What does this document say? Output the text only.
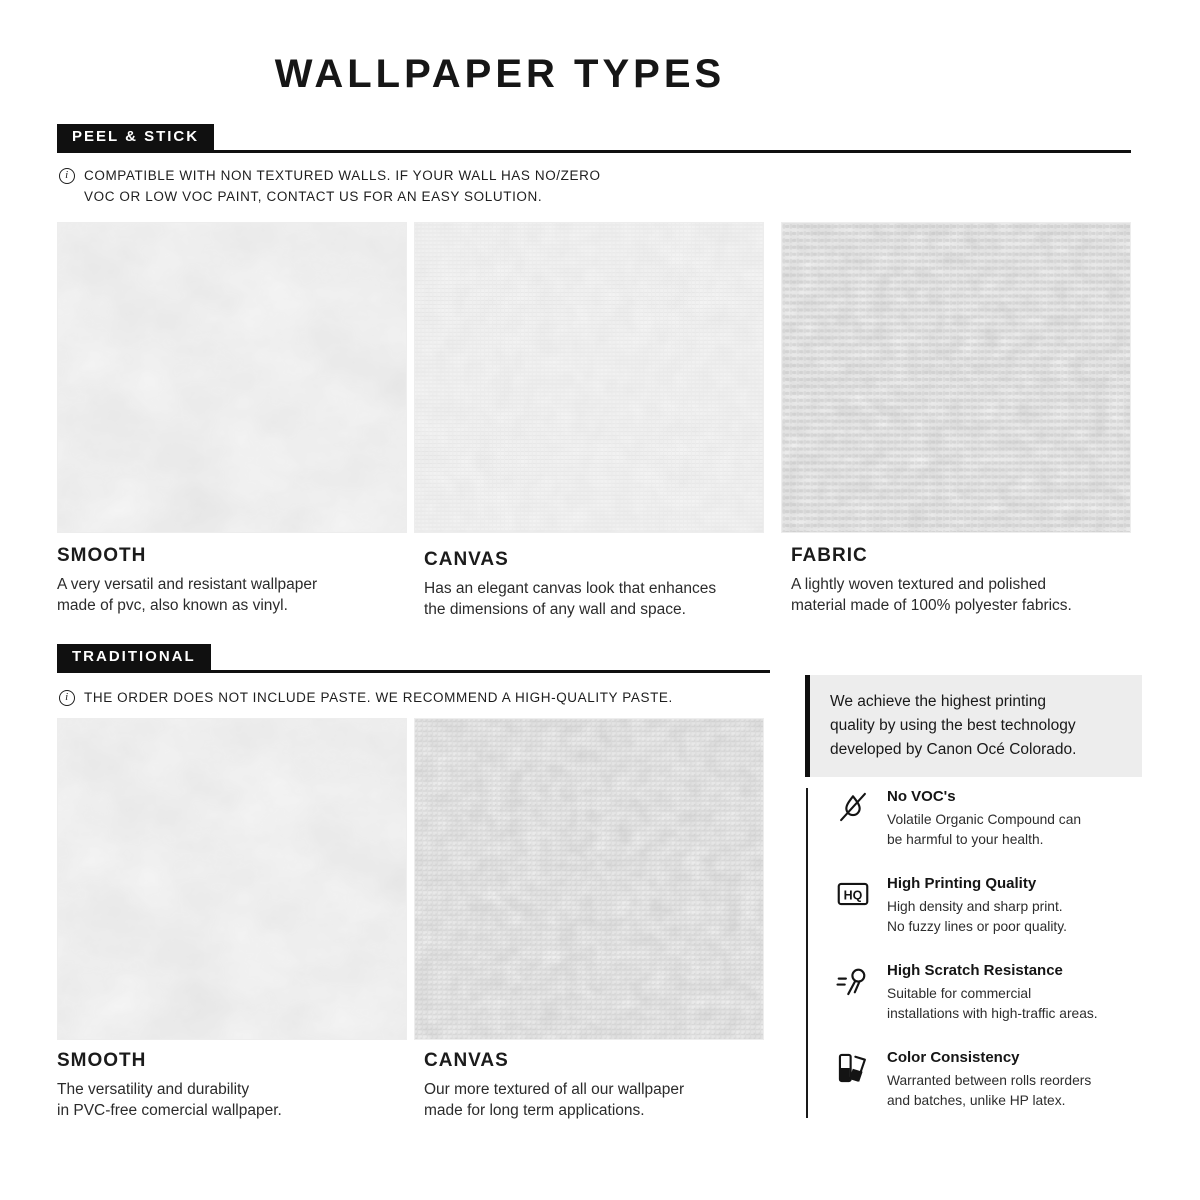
WALLPAPER TYPES
PEEL & STICK
i	COMPATIBLE WITH NON TEXTURED WALLS. IF YOUR WALL HAS NO/ZERO
VOC OR LOW VOC PAINT, CONTACT US FOR AN EASY SOLUTION.
SMOOTH
A very versatil and resistant wallpaper
made of pvc, also known as vinyl.
CANVAS
Has an elegant canvas look that enhances
the dimensions of any wall and space.
FABRIC
A lightly woven textured and polished
material made of 100% polyester fabrics.
TRADITIONAL
i	THE ORDER DOES NOT INCLUDE PASTE. WE RECOMMEND A HIGH-QUALITY PASTE.
SMOOTH
The versatility and durability
in PVC-free comercial wallpaper.
CANVAS
Our more textured of all our wallpaper
made for long term applications.
We achieve the highest printing
quality by using the best technology
developed by Canon Océ Colorado.
No VOC's
Volatile Organic Compound can
be harmful to your health.
HQ
High Printing Quality
High density and sharp print.
No fuzzy lines or poor quality.
High Scratch Resistance
Suitable for commercial
installations with high-traffic areas.
Color Consistency
Warranted between rolls reorders
and batches, unlike HP latex.
